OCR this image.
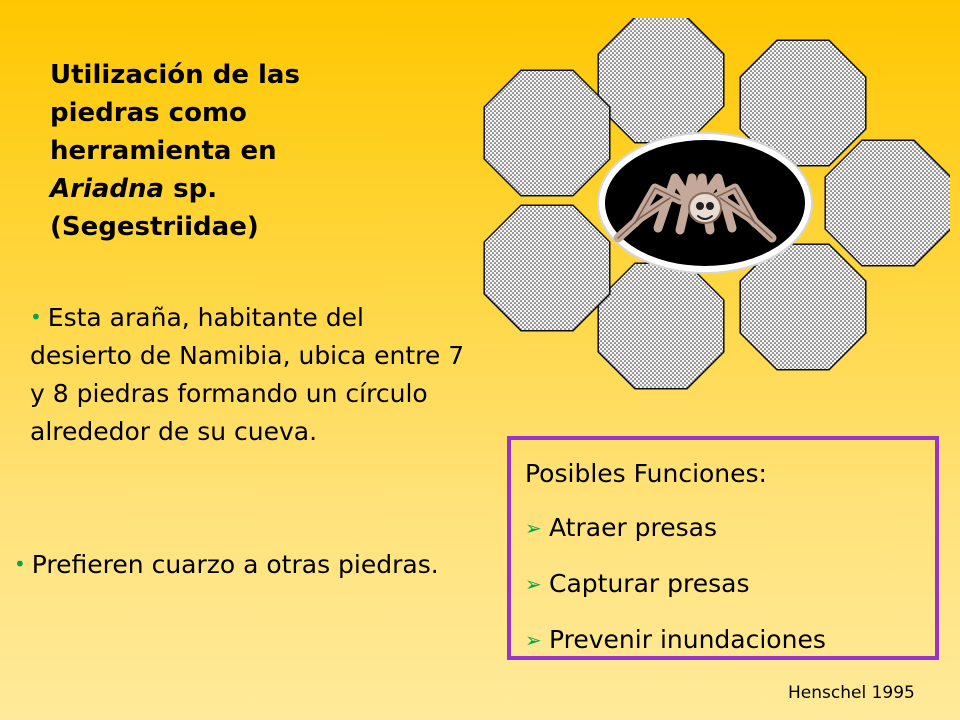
Utilización de las
piedras como
herramienta en
Ariadna sp.
(Segestriidae)
• Esta araña, habitante del desierto de Namibia, ubica entre 7 y 8 piedras formando un círculo alrededor de su cueva.
• Prefieren cuarzo a otras piedras.
Posibles Funciones:
➢ Atraer presas
➢ Capturar presas
➢ Prevenir inundaciones
Henschel 1995
